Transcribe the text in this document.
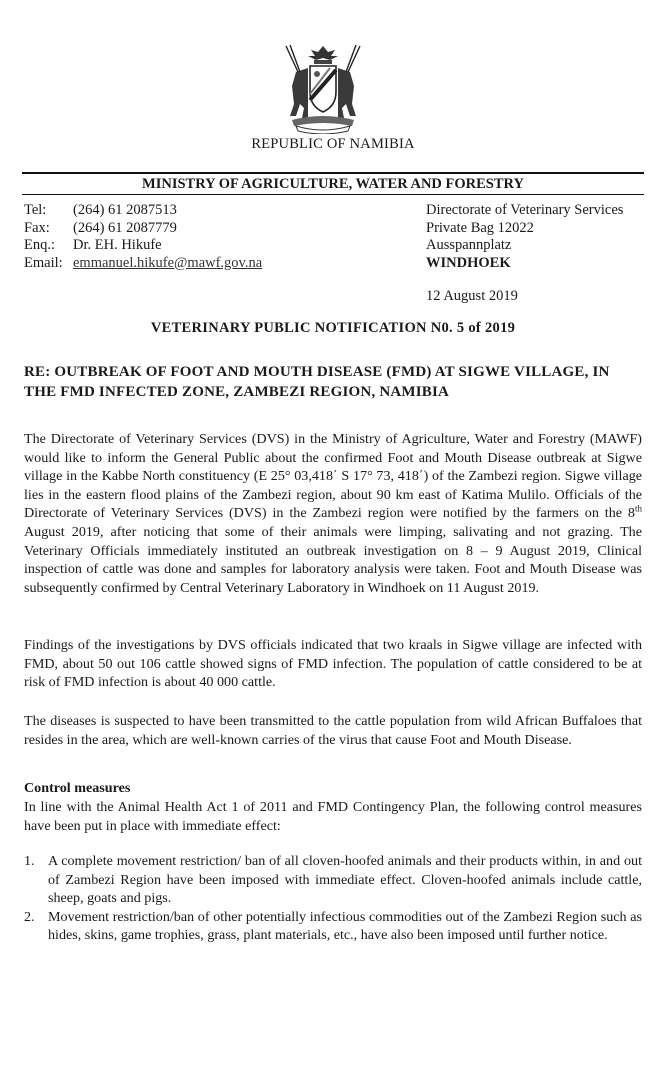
REPUBLIC OF NAMIBIA
MINISTRY OF AGRICULTURE, WATER AND FORESTRY
Tel:	(264) 61 2087513
Fax:	(264) 61 2087779
Enq.:	Dr. EH. Hikufe
Email: emmanuel.hikufe@mawf.gov.na
Directorate of Veterinary Services
Private Bag 12022
Ausspannplatz
WINDHOEK
12 August 2019
VETERINARY PUBLIC NOTIFICATION N0. 5 of 2019
RE: OUTBREAK OF FOOT AND MOUTH DISEASE (FMD) AT SIGWE VILLAGE, IN THE FMD INFECTED ZONE, ZAMBEZI REGION, NAMIBIA

The Directorate of Veterinary Services (DVS) in the Ministry of Agriculture, Water and Forestry (MAWF) would like to inform the General Public about the confirmed Foot and Mouth Disease outbreak at Sigwe village in the Kabbe North constituency (E 25° 03,418΄ S 17° 73, 418΄) of the Zambezi region. Sigwe village lies in the eastern flood plains of the Zambezi region, about 90 km east of Katima Mulilo. Officials of the Directorate of Veterinary Services (DVS) in the Zambezi region were notified by the farmers on the 8th August 2019, after noticing that some of their animals were limping, salivating and not grazing. The Veterinary Officials immediately instituted an outbreak investigation on 8 – 9 August 2019, Clinical inspection of cattle was done and samples for laboratory analysis were taken. Foot and Mouth Disease was subsequently confirmed by Central Veterinary Laboratory in Windhoek on 11 August 2019.

Findings of the investigations by DVS officials indicated that two kraals in Sigwe village are infected with FMD, about 50 out 106 cattle showed signs of FMD infection. The population of cattle considered to be at risk of FMD infection is about 40 000 cattle.

The diseases is suspected to have been transmitted to the cattle population from wild African Buffaloes that resides in the area, which are well-known carries of the virus that cause Foot and Mouth Disease.

Control measures

In line with the Animal Health Act 1 of 2011 and FMD Contingency Plan, the following control measures have been put in place with immediate effect:

1. A complete movement restriction/ ban of all cloven-hoofed animals and their products within, in and out of Zambezi Region have been imposed with immediate effect. Cloven-hoofed animals include cattle, sheep, goats and pigs.
2. Movement restriction/ban of other potentially infectious commodities out of the Zambezi Region such as hides, skins, game trophies, grass, plant materials, etc., have also been imposed until further notice.
